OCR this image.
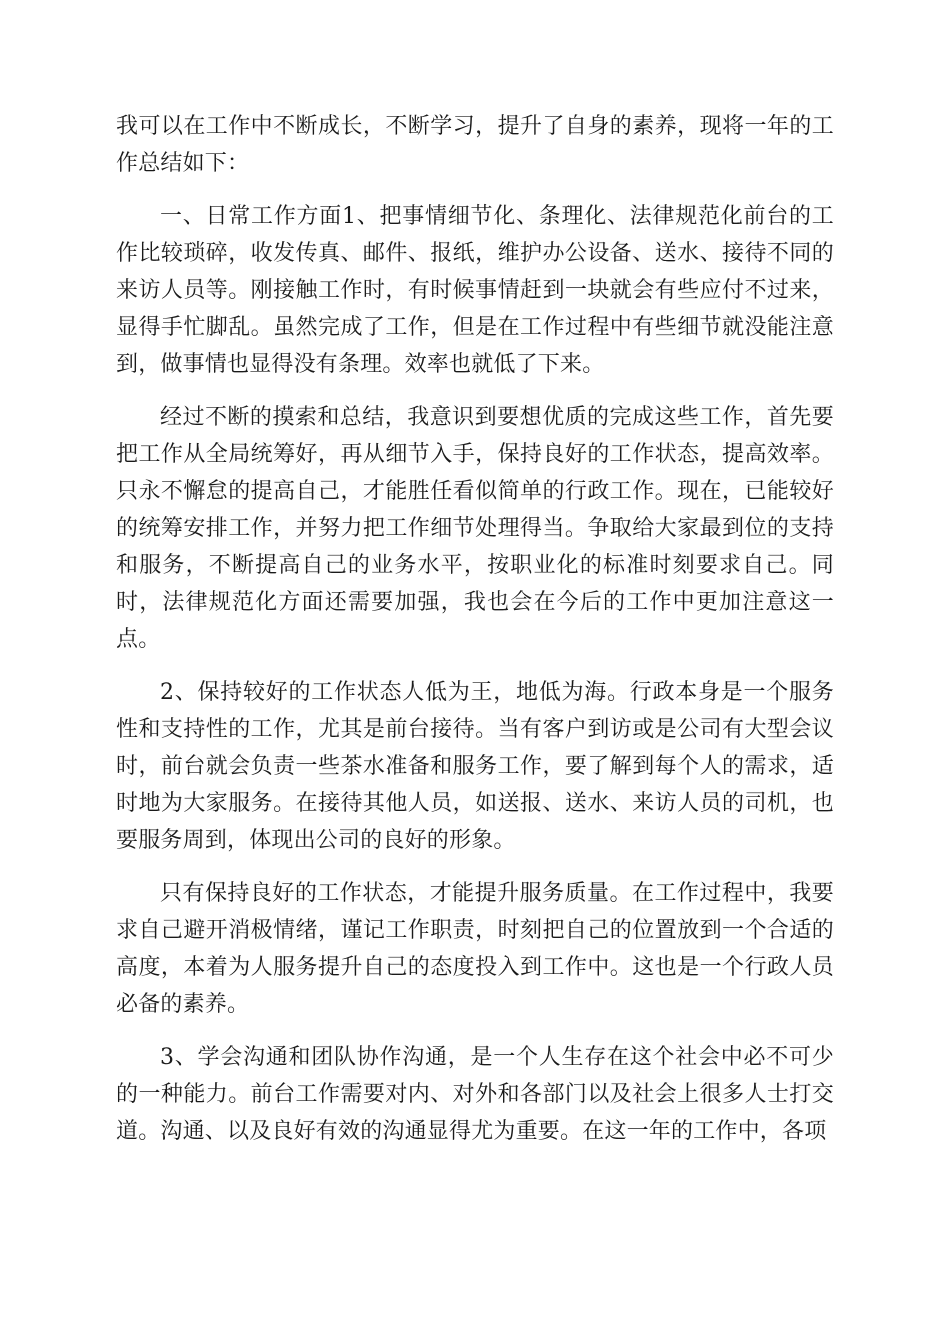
我可以在工作中不断成长，不断学习，提升了自身的素养，现将一年的工作总结如下：

一、日常工作方面1、把事情细节化、条理化、法律规范化前台的工作比较琐碎，收发传真、邮件、报纸，维护办公设备、送水、接待不同的来访人员等。刚接触工作时，有时候事情赶到一块就会有些应付不过来，显得手忙脚乱。虽然完成了工作，但是在工作过程中有些细节就没能注意到，做事情也显得没有条理。效率也就低了下来。

经过不断的摸索和总结，我意识到要想优质的完成这些工作，首先要把工作从全局统筹好，再从细节入手，保持良好的工作状态，提高效率。只永不懈怠的提高自己，才能胜任看似简单的行政工作。现在，已能较好的统筹安排工作，并努力把工作细节处理得当。争取给大家最到位的支持和服务，不断提高自己的业务水平，按职业化的标准时刻要求自己。同时，法律规范化方面还需要加强，我也会在今后的工作中更加注意这一点。

2、保持较好的工作状态人低为王，地低为海。行政本身是一个服务性和支持性的工作，尤其是前台接待。当有客户到访或是公司有大型会议时，前台就会负责一些茶水准备和服务工作，要了解到每个人的需求，适时地为大家服务。在接待其他人员，如送报、送水、来访人员的司机，也要服务周到，体现出公司的良好的形象。

只有保持良好的工作状态，才能提升服务质量。在工作过程中，我要求自己避开消极情绪，谨记工作职责，时刻把自己的位置放到一个合适的高度，本着为人服务提升自己的态度投入到工作中。这也是一个行政人员必备的素养。

3、学会沟通和团队协作沟通，是一个人生存在这个社会中必不可少的一种能力。前台工作需要对内、对外和各部门以及社会上很多人士打交道。沟通、以及良好有效的沟通显得尤为重要。在这一年的工作中，各项
